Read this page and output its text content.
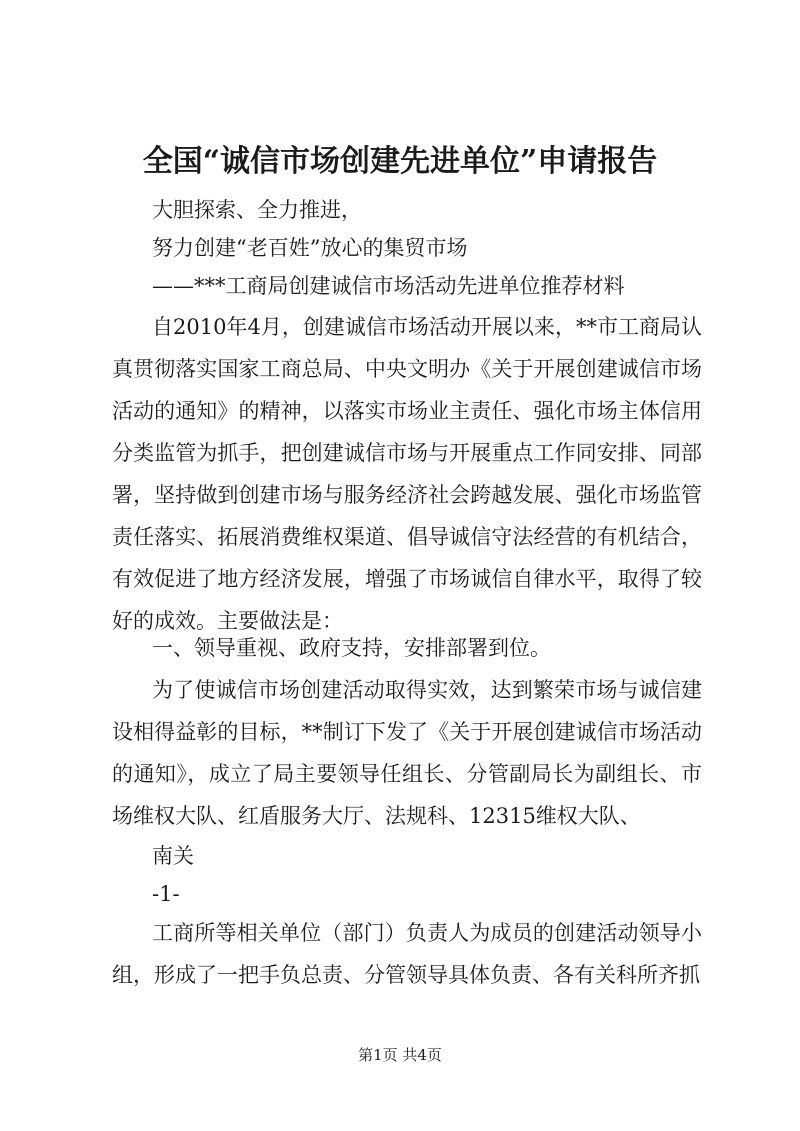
全国“诚信市场创建先进单位”申请报告

大胆探索、全力推进，

努力创建“老百姓”放心的集贸市场

——***工商局创建诚信市场活动先进单位推荐材料

自2010年4月，创建诚信市场活动开展以来，**市工商局认真贯彻落实国家工商总局、中央文明办《关于开展创建诚信市场活动的通知》的精神，以落实市场业主责任、强化市场主体信用分类监管为抓手，把创建诚信市场与开展重点工作同安排、同部署，坚持做到创建市场与服务经济社会跨越发展、强化市场监管责任落实、拓展消费维权渠道、倡导诚信守法经营的有机结合，有效促进了地方经济发展，增强了市场诚信自律水平，取得了较好的成效。主要做法是：

一、领导重视、政府支持，安排部署到位。

为了使诚信市场创建活动取得实效，达到繁荣市场与诚信建设相得益彰的目标，**制订下发了《关于开展创建诚信市场活动的通知》，成立了局主要领导任组长、分管副局长为副组长、市场维权大队、红盾服务大厅、法规科、12315维权大队、

南关

-1-

工商所等相关单位（部门）负责人为成员的创建活动领导小组，形成了一把手负总责、分管领导具体负责、各有关科所齐抓

第1页 共4页
